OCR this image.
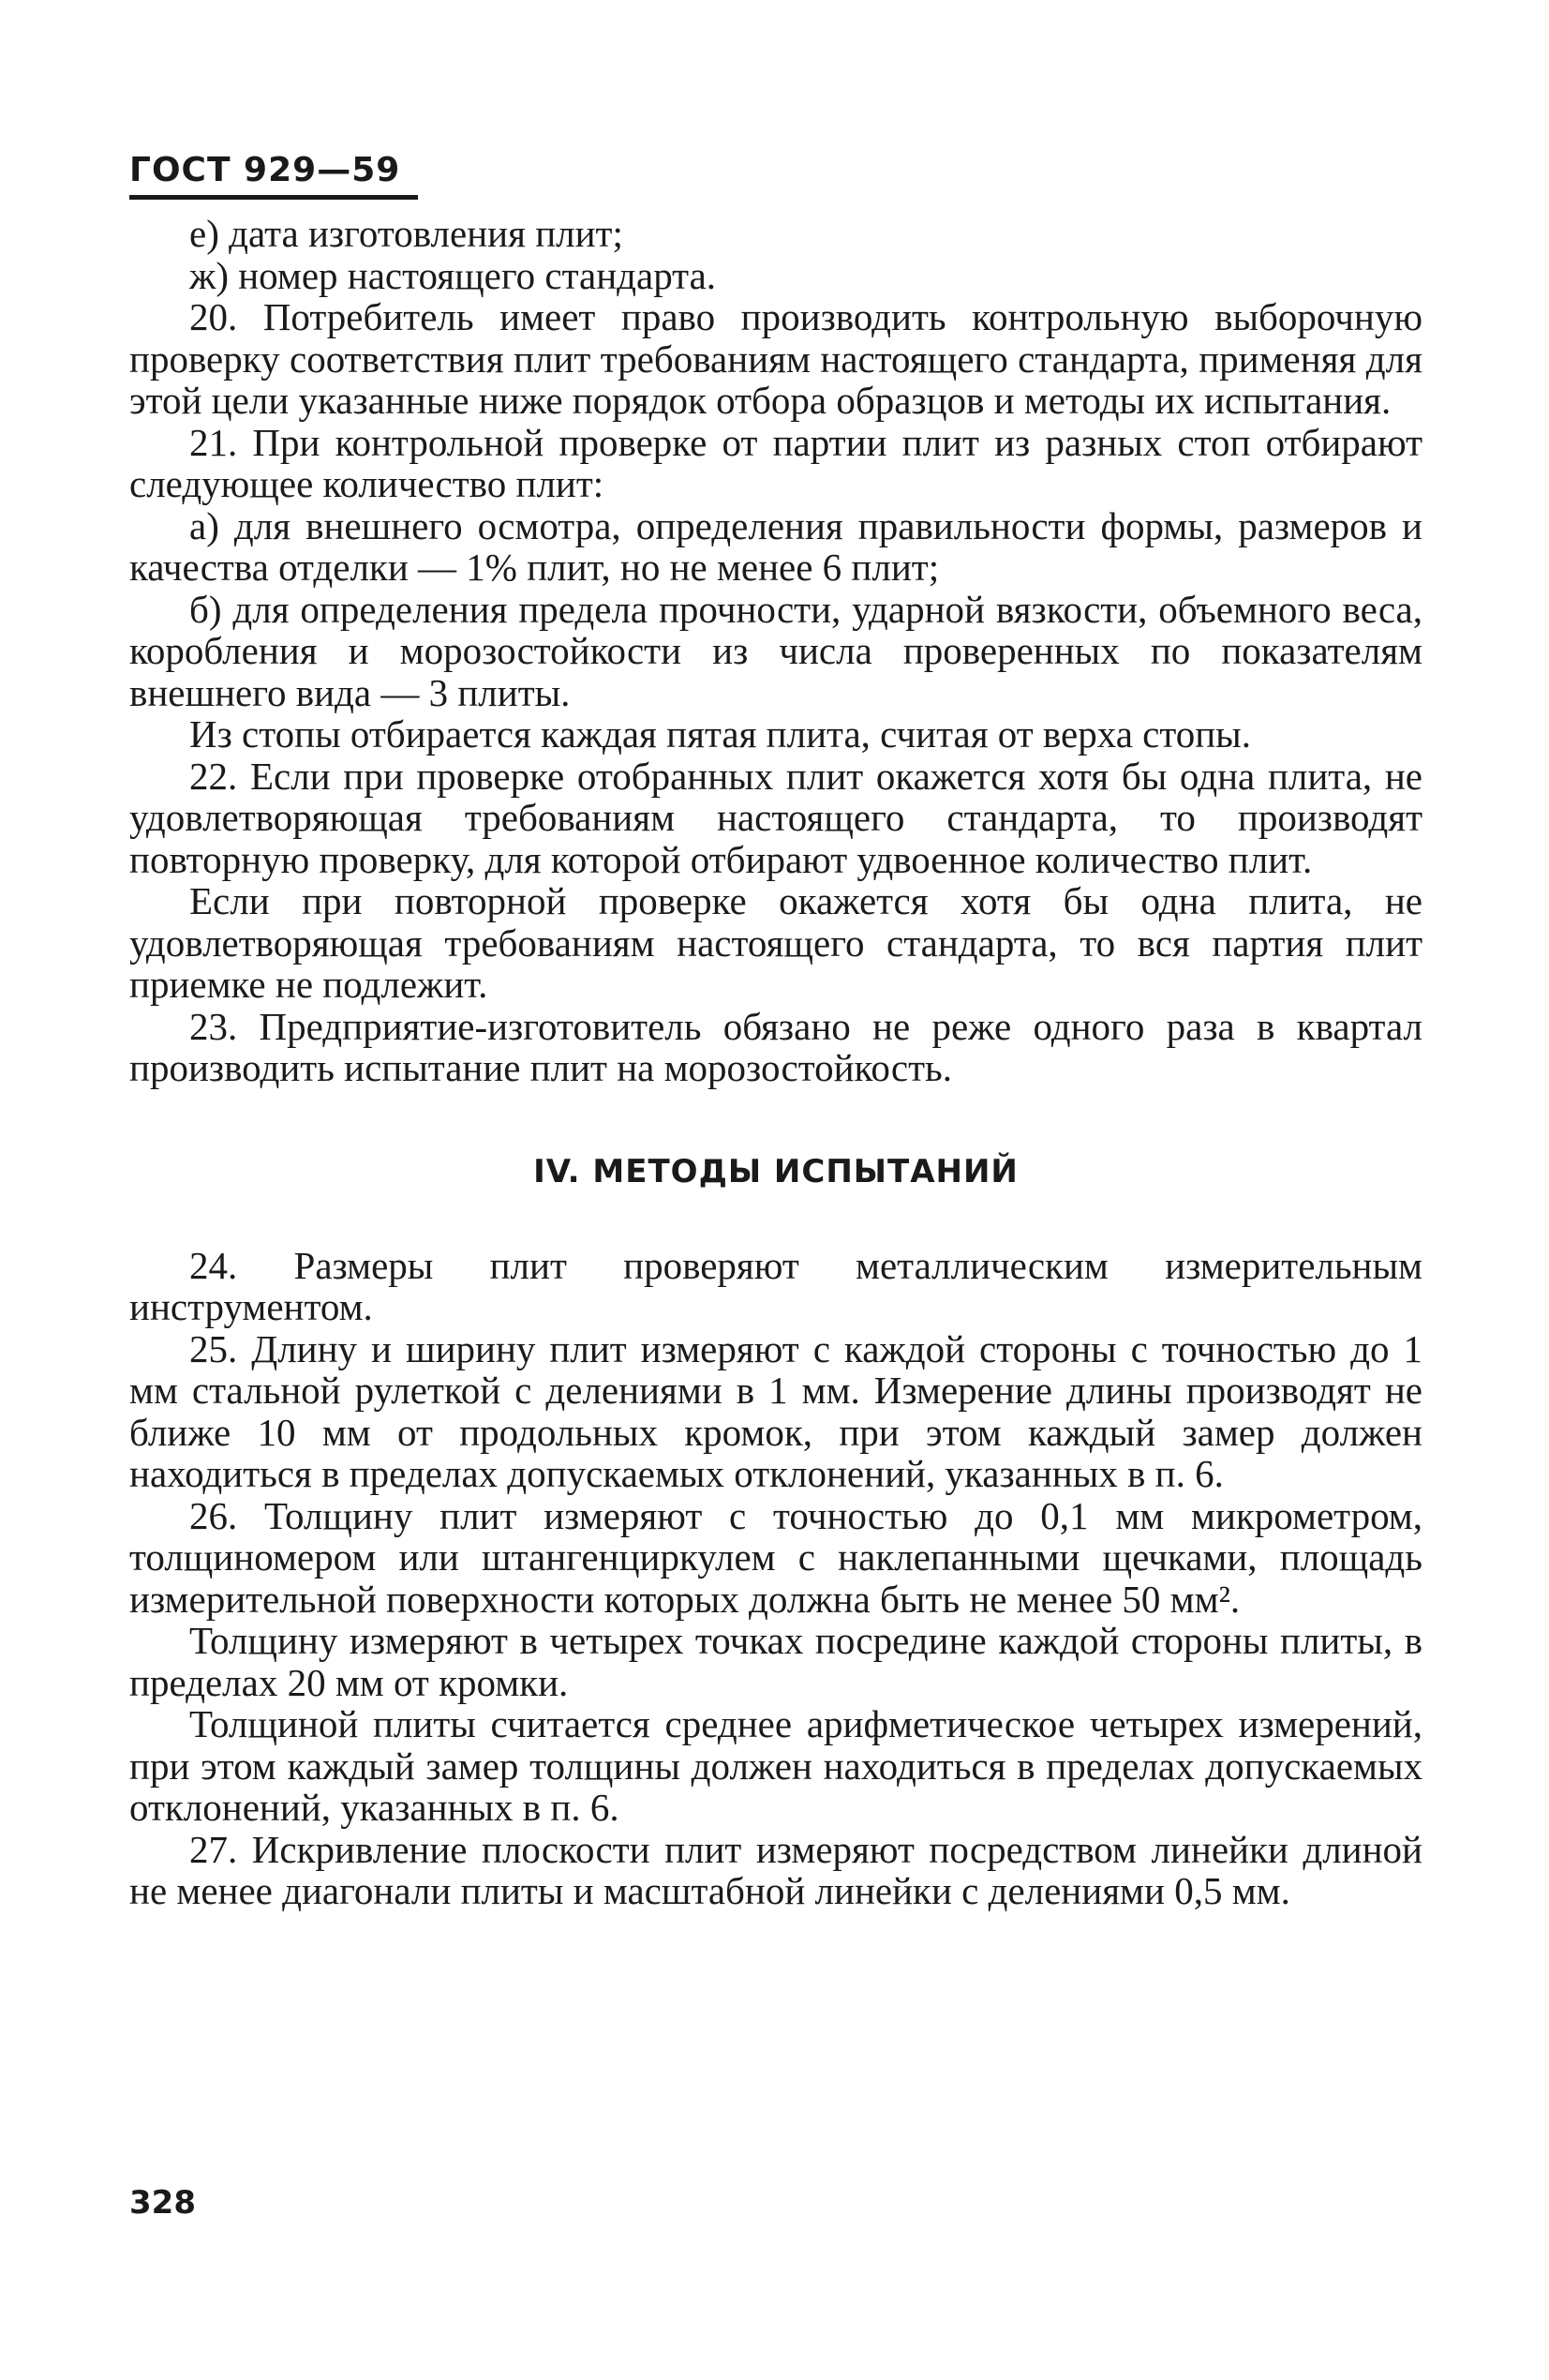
ГОСТ 929—59

е) дата изготовления плит;

ж) номер настоящего стандарта.

20. Потребитель имеет право производить контрольную выборочную проверку соответствия плит требованиям настоящего стандарта, применяя для этой цели указанные ниже порядок отбора образцов и методы их испытания.

21. При контрольной проверке от партии плит из разных стоп отбирают следующее количество плит:

а) для внешнего осмотра, определения правильности формы, размеров и качества отделки — 1% плит, но не менее 6 плит;

б) для определения предела прочности, ударной вязкости, объемного веса, коробления и морозостойкости из числа проверенных по показателям внешнего вида — 3 плиты.

Из стопы отбирается каждая пятая плита, считая от верха стопы.

22. Если при проверке отобранных плит окажется хотя бы одна плита, не удовлетворяющая требованиям настоящего стандарта, то производят повторную проверку, для которой отбирают удвоенное количество плит.

Если при повторной проверке окажется хотя бы одна плита, не удовлетворяющая требованиям настоящего стандарта, то вся партия плит приемке не подлежит.

23. Предприятие-изготовитель обязано не реже одного раза в квартал производить испытание плит на морозостойкость.

IV. МЕТОДЫ ИСПЫТАНИЙ

24. Размеры плит проверяют металлическим измерительным инструментом.

25. Длину и ширину плит измеряют с каждой стороны с точностью до 1 мм стальной рулеткой с делениями в 1 мм. Измерение длины производят не ближе 10 мм от продольных кромок, при этом каждый замер должен находиться в пределах допускаемых отклонений, указанных в п. 6.

26. Толщину плит измеряют с точностью до 0,1 мм микрометром, толщиномером или штангенциркулем с наклепанными щечками, площадь измерительной поверхности которых должна быть не менее 50 мм².

Толщину измеряют в четырех точках посредине каждой стороны плиты, в пределах 20 мм от кромки.

Толщиной плиты считается среднее арифметическое четырех измерений, при этом каждый замер толщины должен находиться в пределах допускаемых отклонений, указанных в п. 6.

27. Искривление плоскости плит измеряют посредством линейки длиной не менее диагонали плиты и масштабной линейки с делениями 0,5 мм.

328
